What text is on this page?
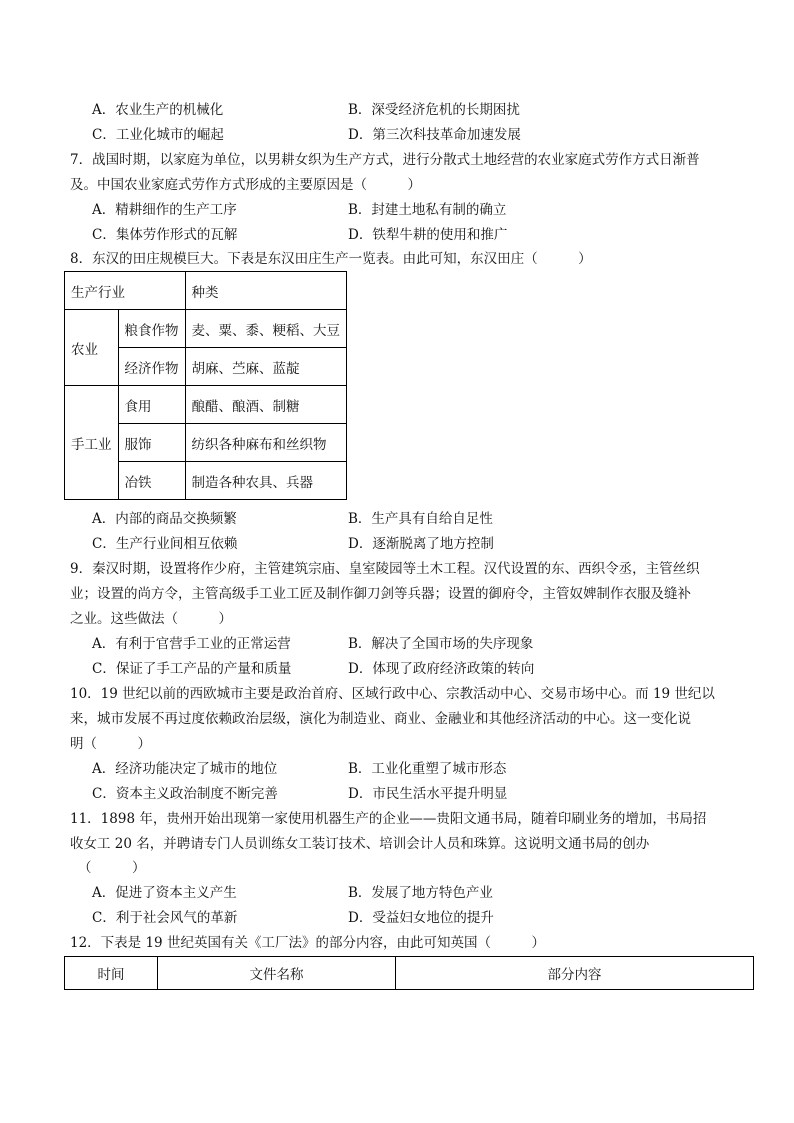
A．农业生产的机械化	B．深受经济危机的长期困扰
C．工业化城市的崛起	D．第三次科技革命加速发展
7．战国时期，以家庭为单位，以男耕女织为生产方式，进行分散式土地经营的农业家庭式劳作方式日渐普
及。中国农业家庭式劳作方式形成的主要原因是（　　　）
A．精耕细作的生产工序	B．封建土地私有制的确立
C．集体劳作形式的瓦解	D．铁犁牛耕的使用和推广
8．东汉的田庄规模巨大。下表是东汉田庄生产一览表。由此可知，东汉田庄（　　　）
生产行业		种类
农业	粮食作物	麦、粟、黍、粳稻、大豆
	经济作物	胡麻、苎麻、蓝靛
手工业	食用	酿醋、酿酒、制糖
	服饰	纺织各种麻布和丝织物
	冶铁	制造各种农具、兵器
A．内部的商品交换频繁	B．生产具有自给自足性
C．生产行业间相互依赖	D．逐渐脱离了地方控制
9．秦汉时期，设置将作少府，主管建筑宗庙、皇室陵园等土木工程。汉代设置的东、西织令丞，主管丝织
业；设置的尚方令，主管高级手工业工匠及制作御刀剑等兵器；设置的御府令，主管奴婢制作衣服及缝补
之业。这些做法（　　　）
A．有利于官营手工业的正常运营	B．解决了全国市场的失序现象
C．保证了手工产品的产量和质量	D．体现了政府经济政策的转向
10．19 世纪以前的西欧城市主要是政治首府、区域行政中心、宗教活动中心、交易市场中心。而 19 世纪以
来，城市发展不再过度依赖政治层级，演化为制造业、商业、金融业和其他经济活动的中心。这一变化说
明（　　　）
A．经济功能决定了城市的地位	B．工业化重塑了城市形态
C．资本主义政治制度不断完善	D．市民生活水平提升明显
11．1898 年，贵州开始出现第一家使用机器生产的企业——贵阳文通书局，随着印刷业务的增加，书局招
收女工 20 名，并聘请专门人员训练女工装订技术、培训会计人员和珠算。这说明文通书局的创办
（　　　）
A．促进了资本主义产生	B．发展了地方特色产业
C．利于社会风气的革新	D．受益妇女地位的提升
12．下表是 19 世纪英国有关《工厂法》的部分内容，由此可知英国（　　　）
时间	文件名称	部分内容
